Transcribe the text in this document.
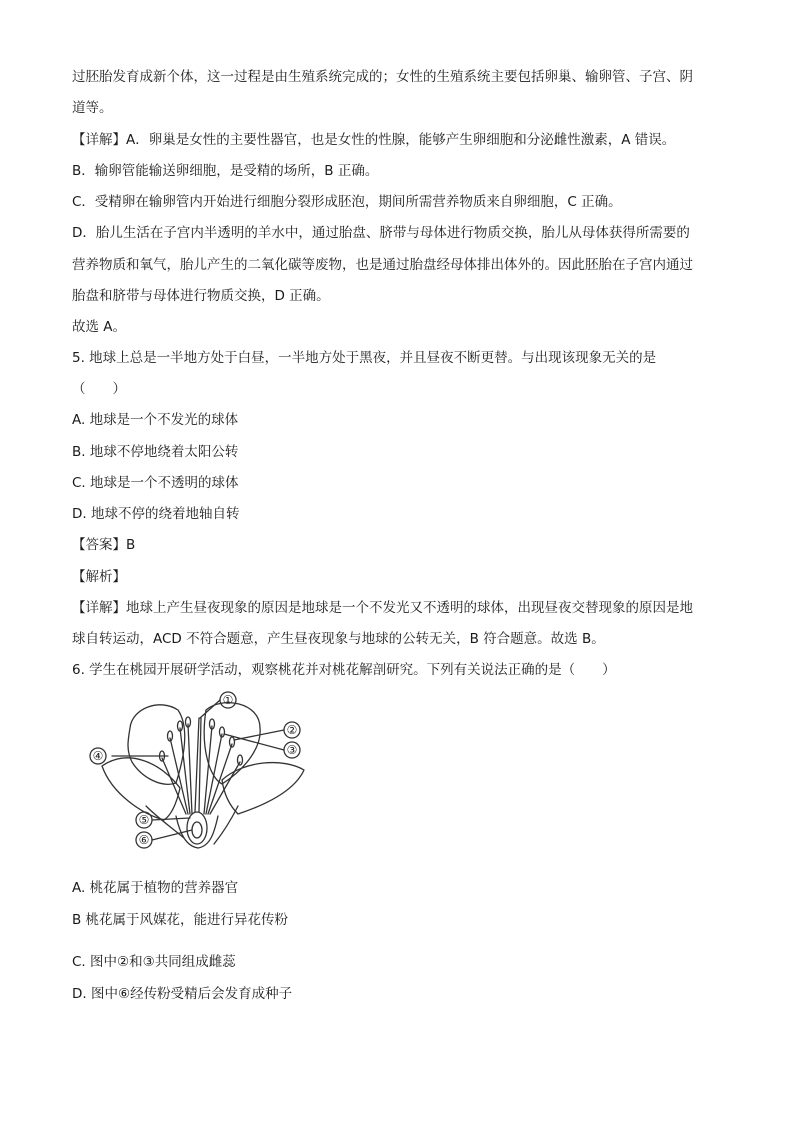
过胚胎发育成新个体，这一过程是由生殖系统完成的；女性的生殖系统主要包括卵巢、输卵管、子宫、阴
道等。
【详解】A．卵巢是女性的主要性器官，也是女性的性腺，能够产生卵细胞和分泌雌性激素，A 错误。
B．输卵管能输送卵细胞，是受精的场所，B 正确。
C．受精卵在输卵管内开始进行细胞分裂形成胚泡，期间所需营养物质来自卵细胞，C 正确。
D．胎儿生活在子宫内半透明的羊水中，通过胎盘、脐带与母体进行物质交换，胎儿从母体获得所需要的
营养物质和氧气，胎儿产生的二氧化碳等废物，也是通过胎盘经母体排出体外的。因此胚胎在子宫内通过
胎盘和脐带与母体进行物质交换，D 正确。
故选 A。
5. 地球上总是一半地方处于白昼，一半地方处于黑夜，并且昼夜不断更替。与出现该现象无关的是
（　　）
A. 地球是一个不发光的球体
B. 地球不停地绕着太阳公转
C. 地球是一个不透明的球体
D. 地球不停的绕着地轴自转
【答案】B
【解析】
【详解】地球上产生昼夜现象的原因是地球是一个不发光又不透明的球体，出现昼夜交替现象的原因是地
球自转运动，ACD 不符合题意，产生昼夜现象与地球的公转无关，B 符合题意。故选 B。
6. 学生在桃园开展研学活动，观察桃花并对桃花解剖研究。下列有关说法正确的是（　　）
①
②
③
④
⑤
⑥
A. 桃花属于植物的营养器官
B 桃花属于风媒花，能进行异花传粉
C. 图中②和③共同组成雌蕊
D. 图中⑥经传粉受精后会发育成种子
